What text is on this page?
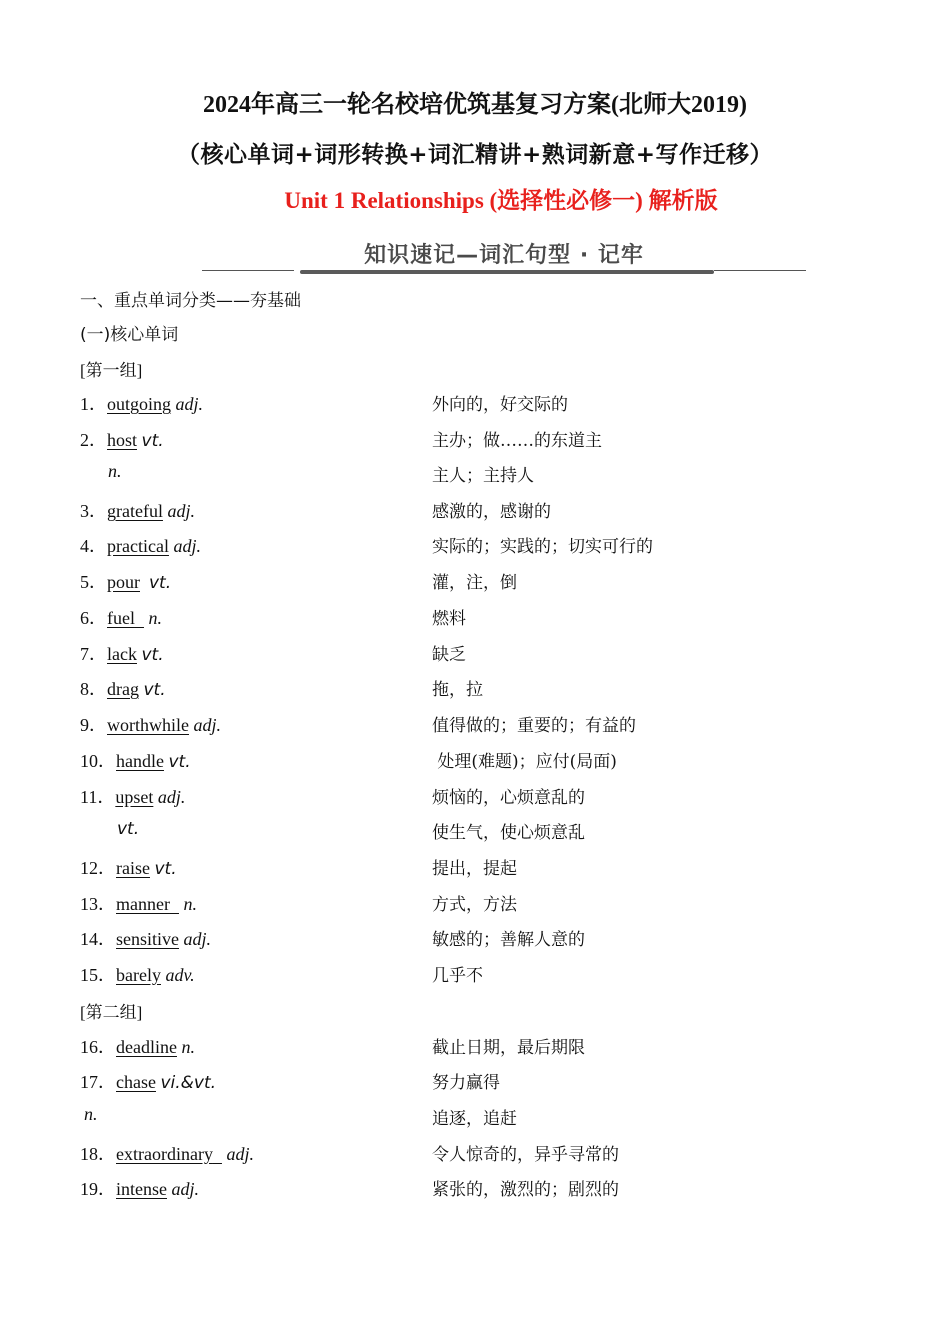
2024年高三一轮名校培优筑基复习方案(北师大2019)
（核心单词+词形转换+词汇精讲+熟词新意+写作迁移）
Unit 1 Relationships (选择性必修一) 解析版
知识速记—词汇句型 · 记牢
一、重点单词分类——夯基础
(一)核心单词
[第一组]
1．outgoing adj.	外向的，好交际的
2．host vt.	主办；做……的东道主
n.	主人；主持人
3．grateful adj.	感激的，感谢的
4．practical adj.	实际的；实践的；切实可行的
5．pour vt.	灌，注，倒
6．fuel n.	燃料
7．lack vt.	缺乏
8．drag vt.	拖，拉
9．worthwhile adj.	值得做的；重要的；有益的
10．handle vt.	处理(难题)；应付(局面)
11．upset adj.	烦恼的，心烦意乱的
vt.	使生气，使心烦意乱
12．raise vt.	提出，提起
13．manner n.	方式，方法
14．sensitive adj.	敏感的；善解人意的
15．barely adv.	几乎不
[第二组]
16．deadline n.	截止日期，最后期限
17．chase vi.&vt.	努力赢得
n.	追逐，追赶
18．extraordinary adj.	令人惊奇的，异乎寻常的
19．intense adj.	紧张的，激烈的；剧烈的
